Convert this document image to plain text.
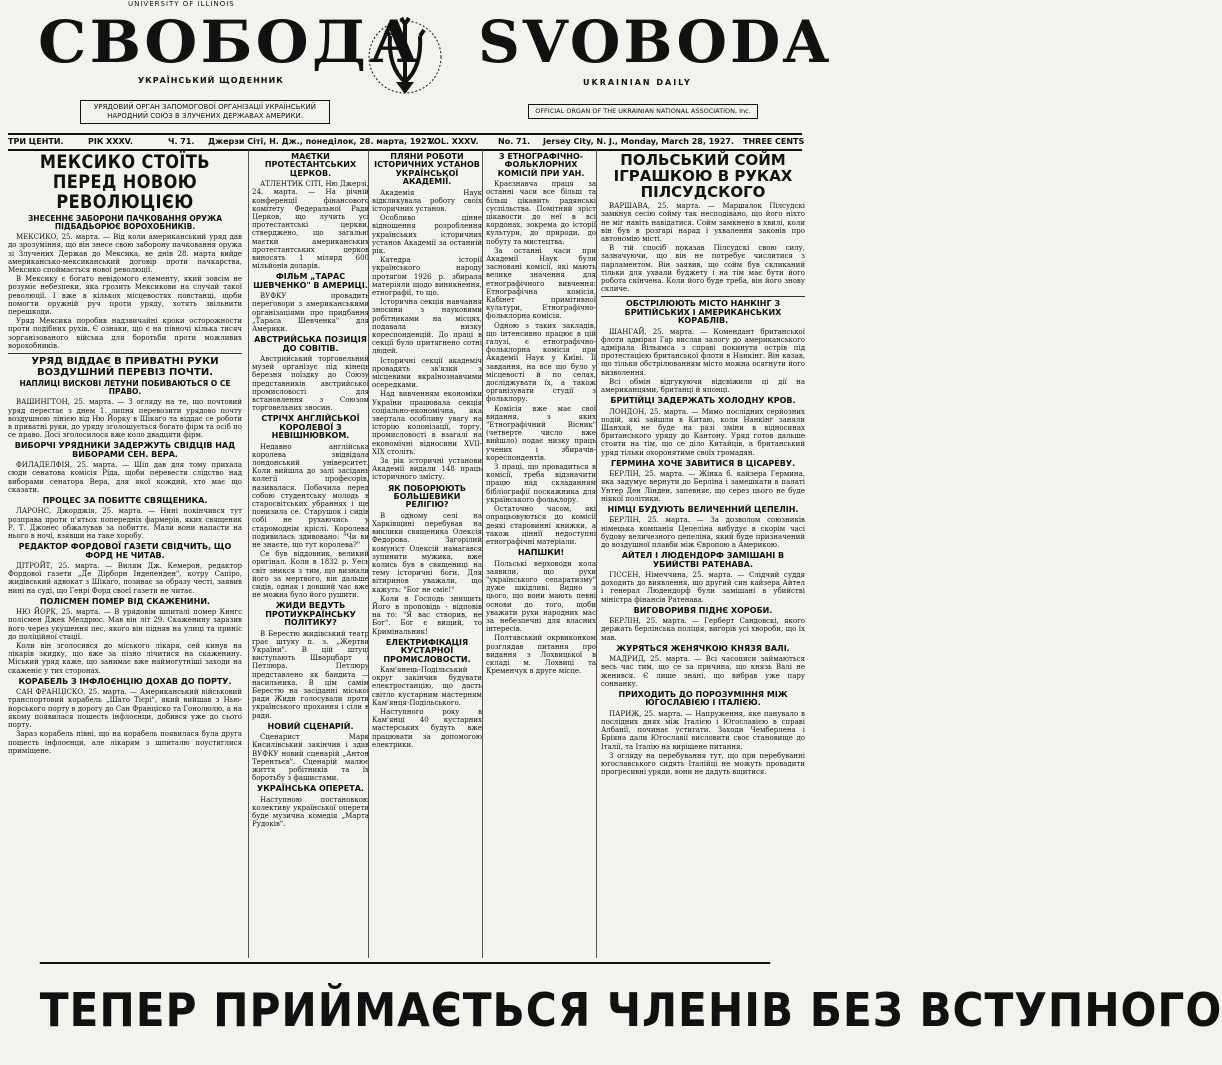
UNIVERSITY OF ILLINOIS
СВОБОДА SVOBODA
УКРАЇНСЬКИЙ ЩОДЕННИК	UKRAINIAN DAILY
УРЯДОВИЙ ОРГАН ЗАПОМОГОВОЇ ОРГАНІЗАЦІЇ УКРАЇНСЬКИЙ НАРОДНИЙ СОЮЗ В ЗЛУЧЕНИХ ДЕРЖАВАХ АМЕРИКИ.
OFFICIAL ORGAN OF THE UKRAINIAN NATIONAL ASSOCIATION, Inc.
ТРИ ЦЕНТИ.	РІК XXXV.	Ч. 71. Джерзи Сіті, Н. Дж., понеділок, 28. марта, 1927.
VOL. XXXV. No. 71. Jersey City, N. J., Monday, March 28, 1927. THREE CENTS
МЕКСИКО СТОЇТЬ ПЕРЕД НОВОЮ РЕВОЛЮЦІЄЮ
ЗНЕСЕННЄ ЗАБОРОНИ ПАЧКОВАННЯ ОРУЖА ПІДБАДЬОРЮЄ ВОРОХОБНИКІВ.

МЕКСИКО, 25. марта. — Від коли американський уряд дав до зрозуміння, що він знесе свою заборону пачковання оружа зі Злучених Держав до Мексика, ве днів 28. марта вийде американсько-мексиканський договір проти пачкарства, Мексико споймається нової революції.

В Мексику є богато невідомого елементу, який зовсім не розуміє небезпеки, яка грозить Мексикови на случай такої революції. І вже в кількох місцевостях повстанці, щоби помогти оружній руч проти уряду, хотять звільнити перешкоди.

Уряд Мексика поробив надзвичайні кроки осторожности проти подібних рухів. Є ознаки, що є на півночі кілька тисяч зорганізованого війська для боротьби проти можливих ворохобників.

УРЯД ВІДДАЄ В ПРИВАТНІ РУКИ ВОЗДУШНИЙ ПЕРЕВІЗ ПОЧТИ.
НАПЛИЦІ ВИСКОВІ ЛЕТУНИ ПОБИВАЮТЬСЯ О СЕ ПРАВО.

ВАШИНГТОН, 25. марта. — З огляду на те, що почтовий уряд перестає з днем 1. липня перевозити урядово почту воздушною лінією від Ню Йорку в Шікаґо та віддає се роботи в приватні руки, до уряду зголошується богато фірм та осіб по се право. Досі зголосилося вже коло двадцяти фірм.

ВИБОРЧІ УРЯДНИКИ ЗАДЕРЖУТЬ СВІДЦІВ НАД ВИБОРАМИ СЕН. ВЕРА.

ФИЛАДЕЛФІЯ, 25. марта. — Шіп дав для тому прихала сюди сенатова комісія Ріда, щоби перевести слідство над виборами сенатора Вера, для якої кождий, хто має що сказати.

ПРОЦЕС ЗА ПОБИТТЄ СВЯЩЕНИКА.

ЛАРОНС, Джорджія, 25. марта. — Нині покінчився тут розправа проти п'ятьох попередніх фармерів, яких священик Р. Т. Джонес обжалував за побиттє. Мали вони напасти на нього в ночі, взявши на таке хоробу.

РЕДАКТОР ФОРДОВОЇ ГАЗЕТИ СВІДЧИТЬ, ЩО ФОРД НЕ ЧИТАВ.

ДІТРОЙТ, 25. марта. — Вилям Дж. Кемерон, редактор Фордової газети „Дe Дірборн Індепенден", котру Сапіро, жидівський адвокат з Шікаго, позиває за образу честі, заявив нині на суді, що Генрі Форд своєї газети не читає.

ПОЛІСМЕН ПОМЕР ВІД СКАЖЕНИНИ.

НЮ ЙОРК, 25. марта. — В урядовім шпиталі помер Кингс полісмен Джек Мелдрюс. Мав він літ 29. Скаженину заразив його через укушення пес, якого він підняв на улиці та приніс до поліційної стації.

Коли він зголосився до міського лікаря, сей кинув на лікарів зкидку, що вже за пізно лічитися на скаженину. Міський уряд каже, що занимає вже наймогутніші заходи на скаженіє у тих сторонах.

КОРАБЕЛЬ З ІНФЛОЄНЦІЮ ДОХАВ ДО ПОРТУ.

САН ФРАНЦІСКО, 25. марта. — Американський військовий транспортовий корабель „Шато Тієрі", який вийшав з Нью-йорського порту в дорогу до Сан Франціско та Гонолюлю, а на якому появилася пошесть інфлоєнци, добився уже до сього порту.

Зараз корабель півні, що на корабель появилася була друга пошесть інфлоєнци, але лікарям з шпиталю поустиглися приміщене.

МАЄТКИ ПРОТЕСТАНТСЬКИХ ЦЕРКОВ.

АТЛЕНТИК СІТІ, Ню Джерзі, 24. марта. — На річній конференції фінансового комітету Федеральної Ради Церков, що лучить усі протестантські церкви, стверджено, що загальні маєтки американських протестантських церков виносять 1 мілярд 600 мільйонів доларів.

ФІЛЬМ „ТАРАС ШЕВЧЕНКО" В АМЕРИЦІ.

ВУФКУ провадить переговори з американськими організаціями про придбання „Тараса Шевченка" для Америки.

АВСТРИЙСЬКА ПОЗИЦІЯ ДО СОВІТІВ.

Австрийський торговельний музей організує під кінець березня поїздку до Союзу представників австрийської промисловості для встановлення з Союзом торговельних зносин.

СТРІЧХ АНГЛІЙСЬКОЇ КОРОЛЕВОЇ З НЕВІШНЮВКОМ.

Недавно англійська королева звідвідала лондонський університет. Коли вийшла до залі засідань колегії професорів, називалася. Побачила перед собою студентську молодь в старосвітських убраннях і ще понизила се. Старушок і сидів собі не рухаючись у старомоднім кріслі. Королева подивилась здивовано: "Чи ви не знаєте, що тут королева?"

Се був віддовник, великий оригінал. Коли в 1832 р. Уесь світ зникся з тим, що визнали його за мертвого, він дальше сидів, однак і довший час вже не можна було його рушити.

ЖИДИ ВЕДУТЬ ПРОТИУКРАЇНСЬКУ ПОЛІТИКУ?

В Берестю жидівський театр грає штуку п. з. „Жертви України". В цій штуці виступають Шварцбарт і Петлюра. Петлюру представлено як бандита — насильника. В цім самім Берестю на засіданні міської ради Жиди голосували проти українського прохання і сіли в ради.

НОВИЙ СЦЕНАРІЙ.

Сценарист Марк Кисилівський закінчив і здав ВУФКУ новий сценарій „Антон Терентьєв". Сценарій малює життя робітників та їх боротьбу з фашистами.

УКРАЇНСЬКА ОПЕРЕТА.

Наступною постановкою колективу української оперети буде музична комедія „Марта Рудоків".

ПЛЯНИ РОБОТИ ІСТОРИЧНИХ УСТАНОВ УКРАЇНСЬКОЇ АКАДЕМІЇ.

Академія Наук відкликувала роботу своїх історичних установ.

Особливо цінне відношення розроблення українських історичних установ Академії за останній рік.

Катедра історії українського народу протягом 1926 р. збирала матеріяли щодо виникнення, етнографії, то що.

Історична секція навчання зносини з науковими робітниками на місцях, подавала низку кореспонденцій. До праці в секції було притягнено сотні людей.

Історичні секції академіч провадять зв'язки з місцевими вкраїнознавчими осередками.

Над вивченням економіки України працювала секція соціально-економічна, яка звертала особливу увагу на історію колонізації, торгу, промисловості в взагалі на економічні відносини XVII-XIX століть.

За рік історичні установи Академії видали 148 праць історичного змісту.

ЯК ПОБОРЮЮТЬ БОЛЬШЕВИКИ РЕЛІГІЮ?

В одному селі на Харківщині перебував на виклики священика Олексія Федорова. Загорілий комуніст Олексій намагався зупинити мужика, вже колись був в священиці на тему історичні боги. Для вітиринов уважали, що кажуть: "Бог не сміє!"

Коли в Господь знищить Його в проповідь - відповів на то: "Я вас створив, не Бог". Бог є вищий, то Кримінальник!

ЕЛЕКТРИФІКАЦІЯ КУСТАРНОЇ ПРОМИСЛОВОСТИ.

Кам'янець-Подільський округ закінчив будувати електростанцію, що дасть світло кустарним мастерням Кам'янця-Подільського.

Наступного року в Кам'янці 40 кустарних мастерських будуть вже працювати за допомогою електрики.

З ЕТНОГРАФІЧНО-ФОЛЬКЛОРНИХ КОМІСІЙ ПРИ УАН.

Краєзнавча праця за останні часи все більш та більш цікавить радянські суспільства. Помітний зріст цікавости до неї в всі кордонах, зокрема до історії культури, до природи, до побуту та мистецтва.

За останні часи при Академії Наук були засновані комісії, які мають велике значення для етнографічного вивчення: Етнографічна комісія, Кабінет примітивної культури, Етнографічно-фольклорна комісія.

Одною з таких закладів, що інтенсивно працює в цій галузі, є етнографічно-фольклорна комісія при Академії Наук у Київі. Її завдання, на все що було у місцевості й по селах, досліджувати їх, а також організувати студії з фольклору.

Комісія вже має свої видання, з яких "Етнографічний Вісник" (четверте число вже вийшло) подає низку праць учених і збирачів-кореспондентів.

З праці, що провадиться в комісії, треба відзначити працю над складанням бібліографії поскажника для українського фольклору.

Остаточно часом, які опрацьовуються до комісії деякі старовинні книжки, а також ціннії недоступні етнографічні матеріали.

НАПШКИ!

Польські верховоди кола заявили, що рухи "українського сепаратизму" дуже шкідливі. Видно з цього, що вони мають певні основи до того, щоби уважати рухи народних мас за небезпечні для власних інтересів.

Полтавський окрвиконком розглядав питання про видання з Лохвицької в складі м. Лохвиці та Кременчук в друге місце.

ПОЛЬСЬКИЙ СОЙМ ІГРАШКОЮ В РУКАХ ПІЛСУДСКОГО

ВАРШАВА, 25. марта. — Маршалок Пілсудскі замкнув сесію сойму так несподівано, що його ніхто не міг навіть навідатися. Сойм замкнено в хвилі, коли він був в розгарі нарад і ухвалення законів про автономію місті.

В тій спосіб показав Пілсудскі свою силу, зазначуючи, що він не потребує числитися з парламентом. Він заявив, що сойм був скликаний тільки для ухвали буджету і на тім має бути його робота скінчена. Коли його буде треба, він його знову скличе.

ОБСТРІЛЮЮТЬ МІСТО НАНКІНГ З БРИТІЙСЬКИХ І АМЕРИКАНСЬКИХ КОРАБЛІВ.

ШАНГАЙ, 25. марта. — Комендант британської флоти адмірал Гар вислав залогу до американського адмірала Вільямса з справі покинути острів під протестацією британської флоти в Нанкінг. Він казав, що тільки обстрілюванням місто можна осягнути його визволення.

Всі обмін відгукуючи відсвіжили ці дії на американцями, британці й японці.

БРИТІЙЦІ ЗАДЕРЖАТЬ ХОЛОДНУ КРОВ.

ЛОНДОН, 25. марта. — Мимо послідних серйозних подій, які зайшли в Китаю, коли Нанкінг заняли Шанхай, не буде на разі зміни в відносинах британського уряду до Кантону. Уряд готов дальше стояти на тім, що се діло Китайців, а британський уряд тільки охоронятиме своїх громадян.

ГЕРМИНА ХОЧЕ ЗАВИТИСЯ В ЦІСАРЕВУ.

БЕРЛІН, 25. марта. — Жінка б. кайзера Гермина, яка задумує вернути до Берліна і замешкати в палаті Унтер Ден Лінден, запевняє, що серез цього не буде ніякої політики.

НІМЦІ БУДУЮТЬ ВЕЛИЧЕННИЙ ЦЕПЕЛІН.

БЕРЛІН, 25. марта. — За дозволом союзників німецька компанія Цепеліна вибудує в скорім часі будову величезного цепеліна, який буде призначений до воздушної плавби між Європою а Америкою.

АЙТЕЛ І ЛЮДЕНДОРФ ЗАМІШАНІ В УБИЙСТВІ РАТЕНАВА.

ГІССЕН, Німеччина, 25. марта. — Слідчий суддя доходить до виявлення, що другий син кайзера Айтел і генерал Людендорф були замішані в убийстві міністра фінансів Ратенава.

ВИГОВОРИВЯ ПІДНЄ ХОРОБИ.

БЕРЛІН, 25. марта. — Герберт Сандовскі, якого держать берлінська поліція, вигорів усі хвороби, що їх мав.

ЖУРЯТЬСЯ ЖЕНЯЧКОЮ КНЯЗЯ ВАЛІ.

МАДРИД, 25. марта. — Всі часописи займаються весь час тим, що се за причина, що князь Валі не женився. Є лише знані, що вибрав уже пару соннанку.

ПРИХОДИТЬ ДО ПОРОЗУМІННЯ МІЖ ЮГОСЛАВІЄЮ І ІТАЛІЄЮ.

ПАРИЖ, 25. марта. — Напруження, яке панувало в послідних днях між Італією і Югославією в справі Албанії, починає устигати. Заходи Чемберлена і Бріяна дали Югославії висловити своє становище до Італії, та Італію на вирішене питання.

З огляду на перебування тут, що при перебуванні югославського сидять Італійці не можуть провадити прогресивні уряди, вони не дадуть вщитися.

ТЕПЕР ПРИЙМАЄТЬСЯ ЧЛЕНІВ БЕЗ ВСТУПНОГО
